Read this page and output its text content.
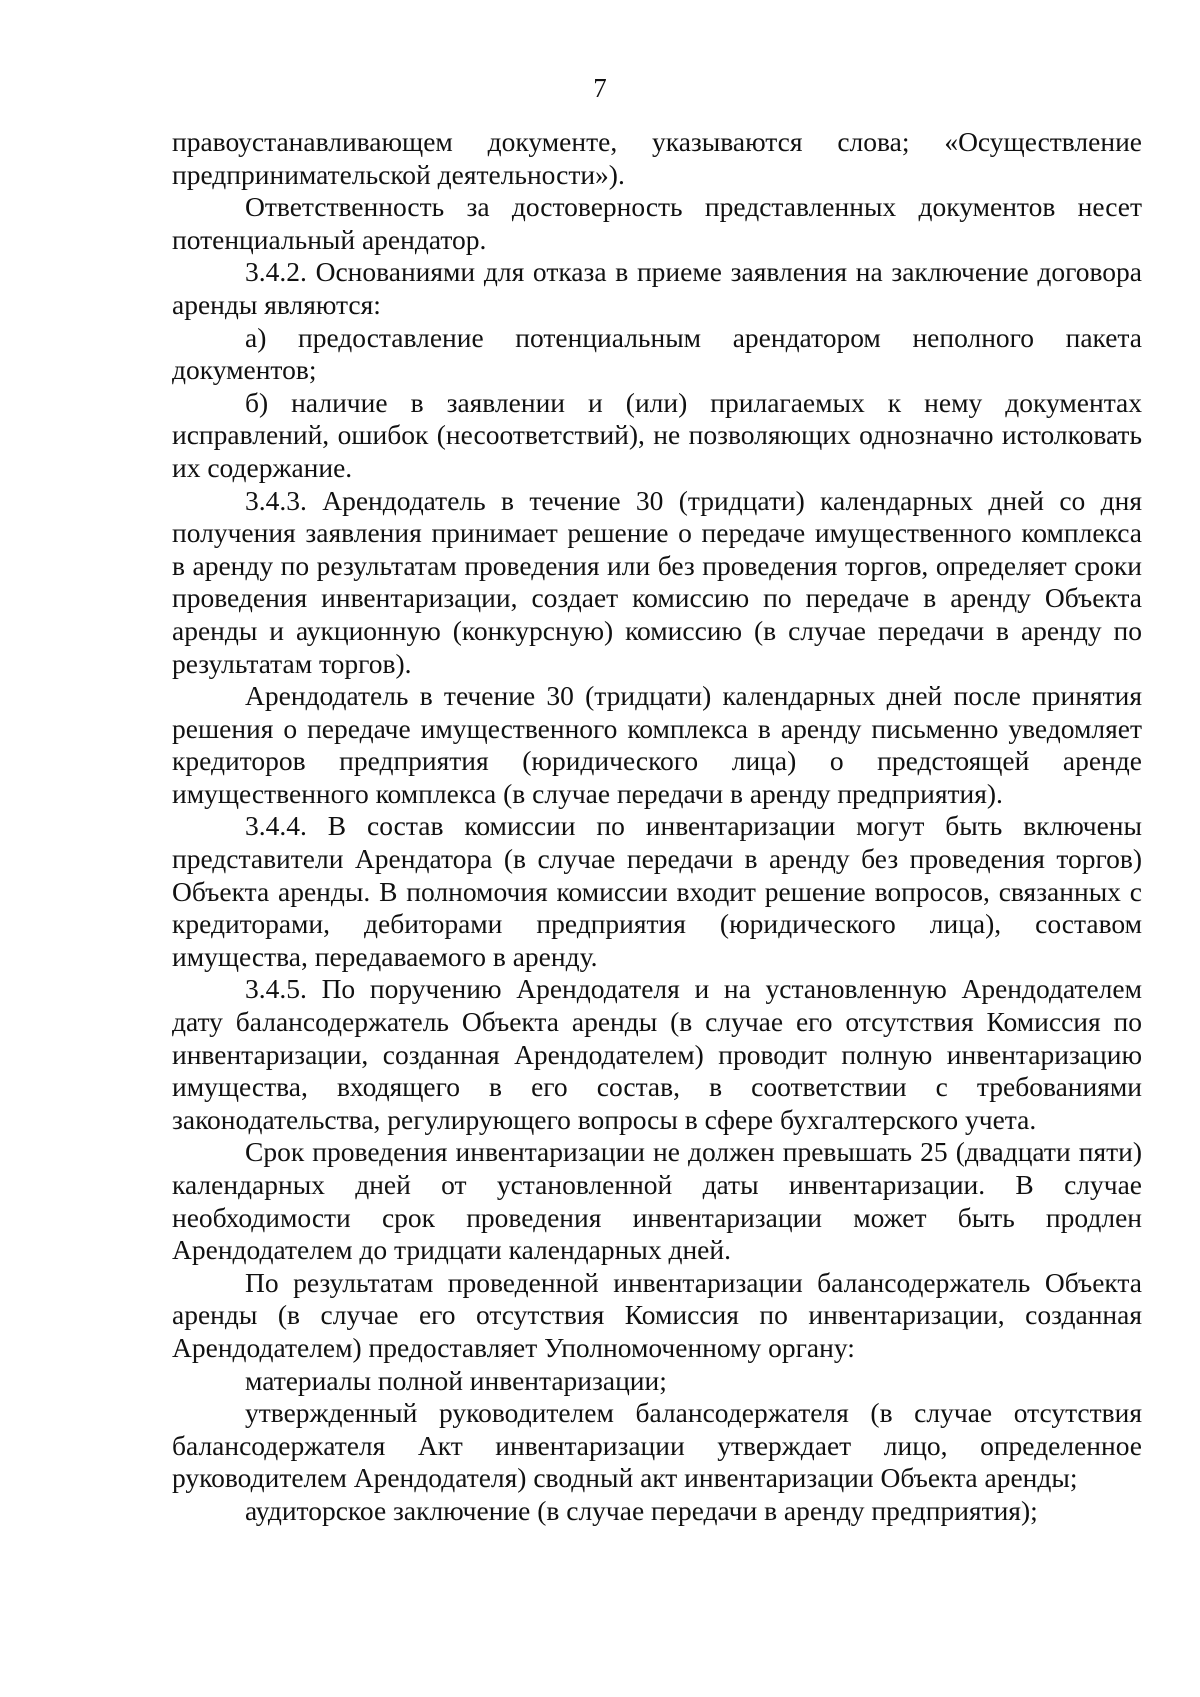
7

правоустанавливающем документе, указываются слова; «Осуществление предпринимательской деятельности»).

Ответственность за достоверность представленных документов несет потенциальный арендатор.

3.4.2. Основаниями для отказа в приеме заявления на заключение договора аренды являются:

а) предоставление потенциальным арендатором неполного пакета документов;

б) наличие в заявлении и (или) прилагаемых к нему документах исправлений, ошибок (несоответствий), не позволяющих однозначно истолковать их содержание.

3.4.3. Арендодатель в течение 30 (тридцати) календарных дней со дня получения заявления принимает решение о передаче имущественного комплекса в аренду по результатам проведения или без проведения торгов, определяет сроки проведения инвентаризации, создает комиссию по передаче в аренду Объекта аренды и аукционную (конкурсную) комиссию (в случае передачи в аренду по результатам торгов).

Арендодатель в течение 30 (тридцати) календарных дней после принятия решения о передаче имущественного комплекса в аренду письменно уведомляет кредиторов предприятия (юридического лица) о предстоящей аренде имущественного комплекса (в случае передачи в аренду предприятия).

3.4.4. В состав комиссии по инвентаризации могут быть включены представители Арендатора (в случае передачи в аренду без проведения торгов) Объекта аренды. В полномочия комиссии входит решение вопросов, связанных с кредиторами, дебиторами предприятия (юридического лица), составом имущества, передаваемого в аренду.

3.4.5. По поручению Арендодателя и на установленную Арендодателем дату балансодержатель Объекта аренды (в случае его отсутствия Комиссия по инвентаризации, созданная Арендодателем) проводит полную инвентаризацию имущества, входящего в его состав, в соответствии с требованиями законодательства, регулирующего вопросы в сфере бухгалтерского учета.

Срок проведения инвентаризации не должен превышать 25 (двадцати пяти) календарных дней от установленной даты инвентаризации. В случае необходимости срок проведения инвентаризации может быть продлен Арендодателем до тридцати календарных дней.

По результатам проведенной инвентаризации балансодержатель Объекта аренды (в случае его отсутствия Комиссия по инвентаризации, созданная Арендодателем) предоставляет Уполномоченному органу:

материалы полной инвентаризации;

утвержденный руководителем балансодержателя (в случае отсутствия балансодержателя Акт инвентаризации утверждает лицо, определенное руководителем Арендодателя) сводный акт инвентаризации Объекта аренды;

аудиторское заключение (в случае передачи в аренду предприятия);
